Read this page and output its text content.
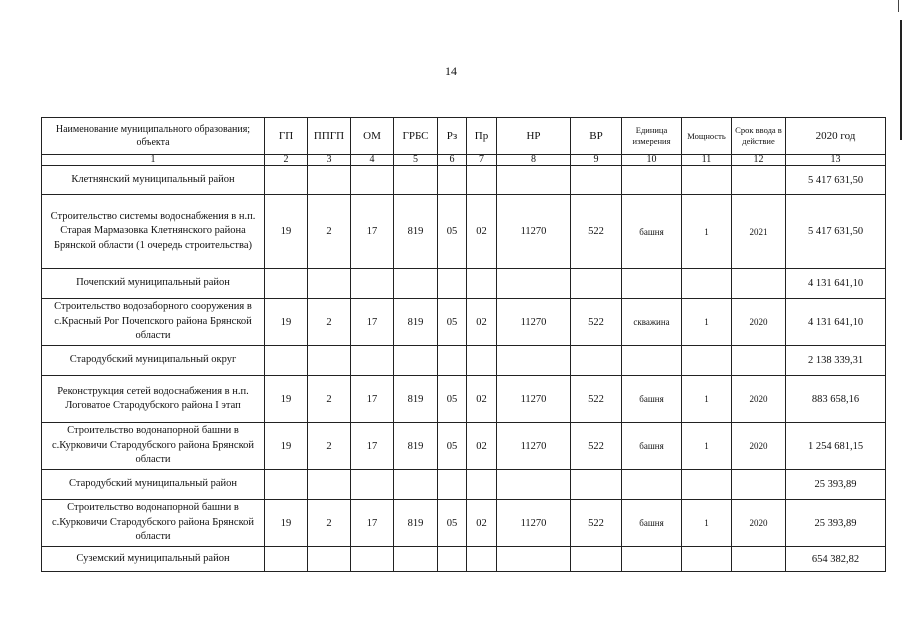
14
Наименование муниципального образования; объекта	ГП	ППГП	ОМ	ГРБС	Рз	Пр	НР	ВР	Единица измерения	Мощность	Срок ввода в действие	2020 год
1	2	3	4	5	6	7	8	9	10	11	12	13
Клетнянский муниципальный район												5 417 631,50
Строительство системы водоснабжения в н.п. Старая Мармазовка Клетнянского района Брянской области (1 очередь строительства)	19	2	17	819	05	02	11270	522	башня	1	2021	5 417 631,50
Почепский муниципальный район												4 131 641,10
Строительство водозаборного сооружения в с.Красный Рог Почепского района Брянской области	19	2	17	819	05	02	11270	522	скважина	1	2020	4 131 641,10
Стародубский муниципальный округ												2 138 339,31
Реконструкция сетей водоснабжения в н.п. Логоватое Стародубского района I этап	19	2	17	819	05	02	11270	522	башня	1	2020	883 658,16
Строительство водонапорной башни в с.Курковичи Стародубского района Брянской области	19	2	17	819	05	02	11270	522	башня	1	2020	1 254 681,15
Стародубский муниципальный район												25 393,89
Строительство водонапорной башни в с.Курковичи Стародубского района Брянской области	19	2	17	819	05	02	11270	522	башня	1	2020	25 393,89
Суземский муниципальный район												654 382,82
